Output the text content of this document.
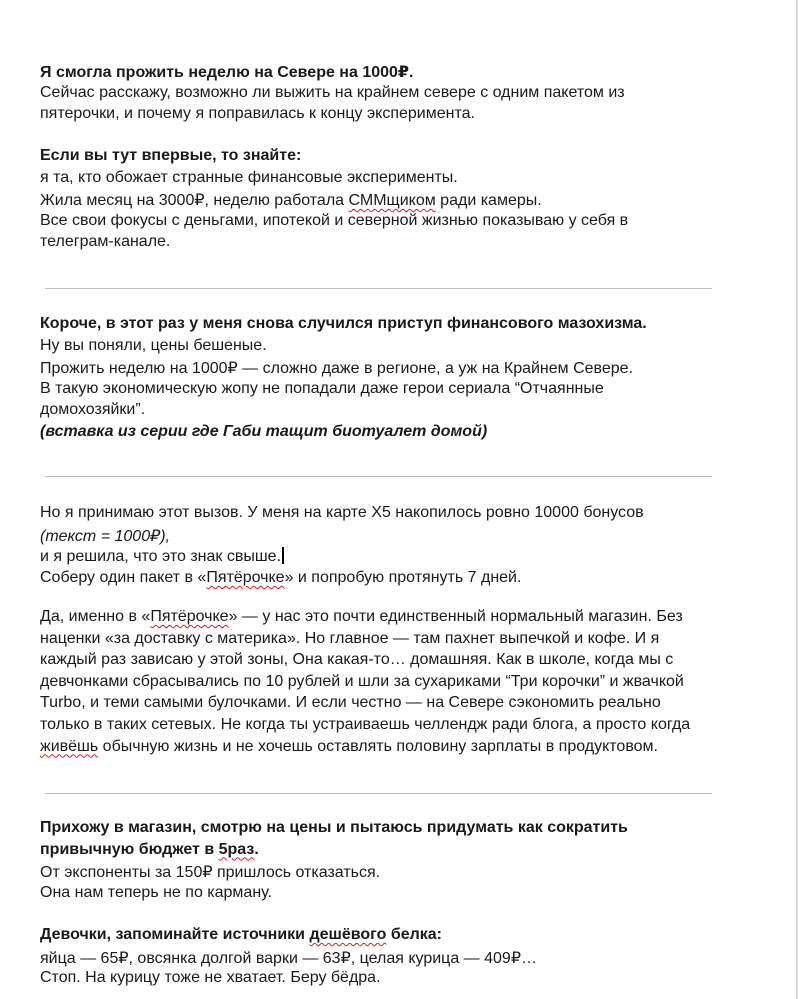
Я смогла прожить неделю на Севере на 1000₽.
Сейчас расскажу, возможно ли выжить на крайнем севере с одним пакетом из
пятерочки, и почему я поправилась к концу эксперимента.
Если вы тут впервые, то знайте:
я та, кто обожает странные финансовые эксперименты.
Жила месяц на 3000₽, неделю работала СММщиком ради камеры.
Все свои фокусы с деньгами, ипотекой и северной жизнью показываю у себя в
телеграм-канале.
Короче, в этот раз у меня снова случился приступ финансового мазохизма.
Ну вы поняли, цены бешеные.
Прожить неделю на 1000₽ — сложно даже в регионе, а уж на Крайнем Севере.
В такую экономическую жопу не попадали даже герои сериала “Отчаянные
домохозяйки”.
(вставка из серии где Габи тащит биотуалет домой)
Но я принимаю этот вызов. У меня на карте Х5 накопилось ровно 10000 бонусов
(текст = 1000₽),
и я решила, что это знак свыше.
Соберу один пакет в «Пятёрочке» и попробую протянуть 7 дней.
Да, именно в «Пятёрочке» — у нас это почти единственный нормальный магазин. Без
наценки «за доставку с материка». Но главное — там пахнет выпечкой и кофе. И я
каждый раз зависаю у этой зоны, Она какая-то… домашняя. Как в школе, когда мы с
девчонками сбрасывались по 10 рублей и шли за сухариками “Три корочки” и жвачкой
Turbo, и теми самыми булочками. И если честно — на Севере сэкономить реально
только в таких сетевых. Не когда ты устраиваешь челлендж ради блога, а просто когда
живёшь обычную жизнь и не хочешь оставлять половину зарплаты в продуктовом.
Прихожу в магазин, смотрю на цены и пытаюсь придумать как сократить
привычную бюджет в 5раз.
От экспоненты за 150₽ пришлось отказаться.
Она нам теперь не по карману.
Девочки, запоминайте источники дешёвого белка:
яйца — 65₽, овсянка долгой варки — 63₽, целая курица — 409₽…
Стоп. На курицу тоже не хватает. Беру бёдра.
